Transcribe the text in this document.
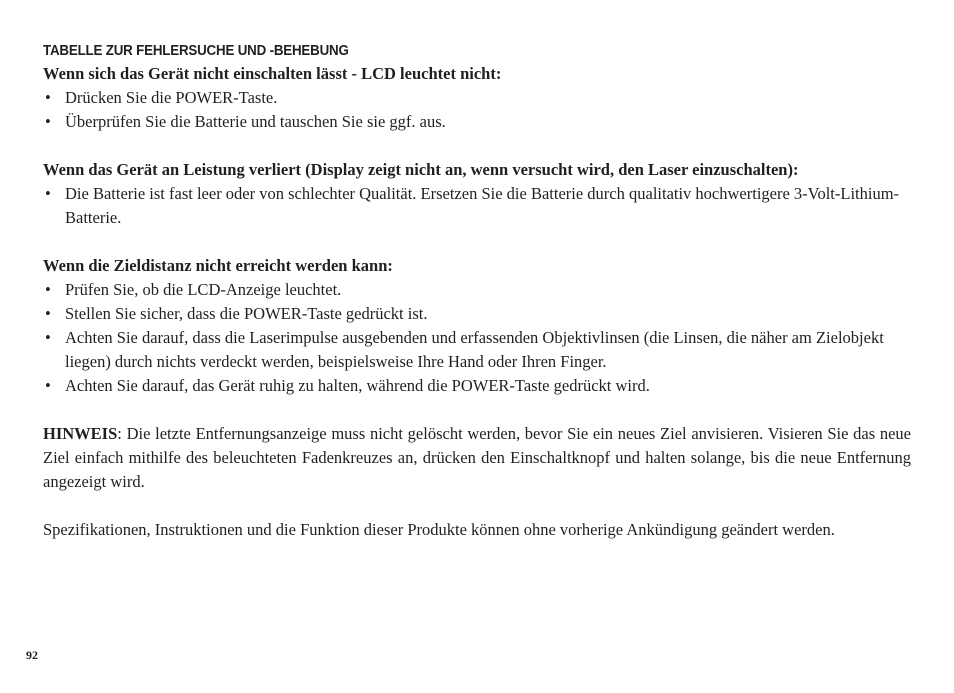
TABELLE ZUR FEHLERSUCHE UND -BEHEBUNG
Wenn sich das Gerät nicht einschalten lässt - LCD leuchtet nicht:
• Drücken Sie die POWER-Taste.
• Überprüfen Sie die Batterie und tauschen Sie sie ggf. aus.
Wenn das Gerät an Leistung verliert (Display zeigt nicht an, wenn versucht wird, den Laser einzuschalten):
• Die Batterie ist fast leer oder von schlechter Qualität. Ersetzen Sie die Batterie durch qualitativ hochwertigere 3-Volt-Lithium-Batterie.
Wenn die Zieldistanz nicht erreicht werden kann:
• Prüfen Sie, ob die LCD-Anzeige leuchtet.
• Stellen Sie sicher, dass die POWER-Taste gedrückt ist.
• Achten Sie darauf, dass die Laserimpulse ausgebenden und erfassenden Objektivlinsen (die Linsen, die näher am Zielobjekt liegen) durch nichts verdeckt werden, beispielsweise Ihre Hand oder Ihren Finger.
• Achten Sie darauf, das Gerät ruhig zu halten, während die POWER-Taste gedrückt wird.

HINWEIS: Die letzte Entfernungsanzeige muss nicht gelöscht werden, bevor Sie ein neues Ziel anvisieren. Visieren Sie das neue Ziel einfach mithilfe des beleuchteten Fadenkreuzes an, drücken den Einschaltknopf und halten solange, bis die neue Entfernung angezeigt wird.

Spezifikationen, Instruktionen und die Funktion dieser Produkte können ohne vorherige Ankündigung geändert werden.

92
